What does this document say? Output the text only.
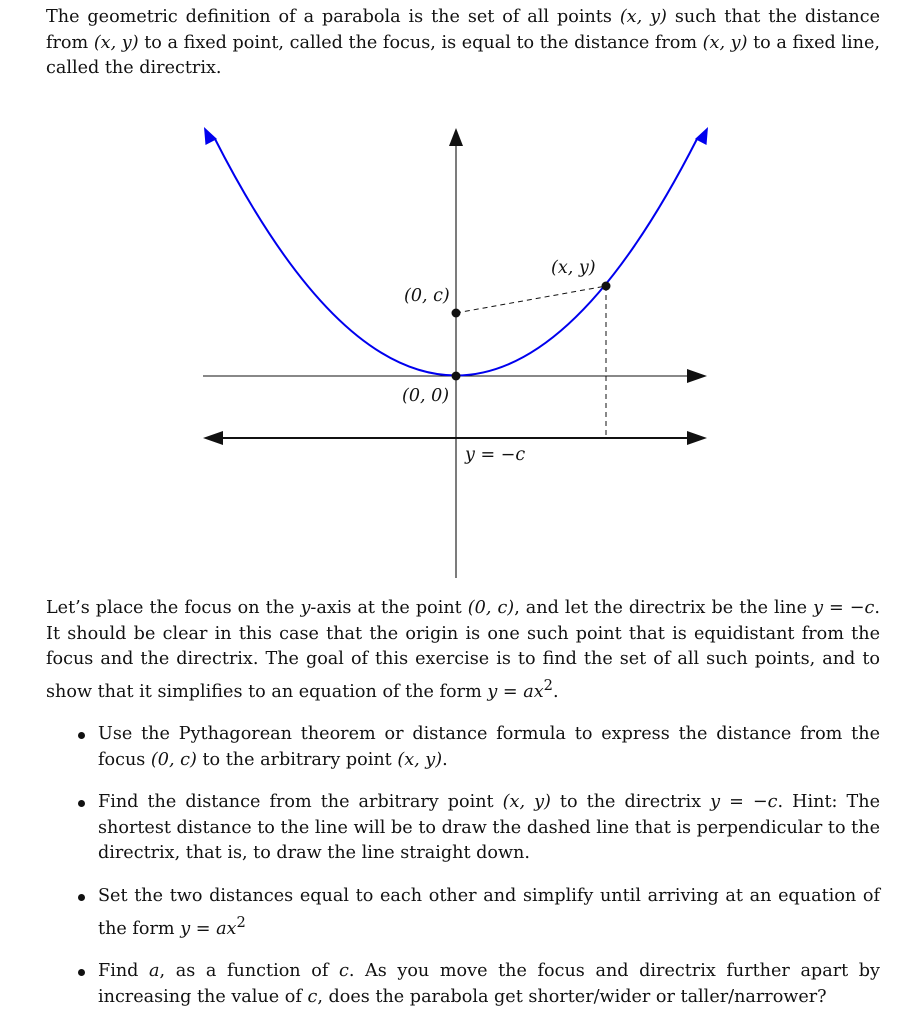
The geometric definition of a parabola is the set of all points (x, y) such that the distance from (x, y) to a fixed point, called the focus, is equal to the distance from (x, y) to a fixed line, called the directrix.

(x, y)
(0, c)
(0, 0)
y = −c

Let’s place the focus on the y-axis at the point (0, c), and let the directrix be the line y = −c. It should be clear in this case that the origin is one such point that is equidistant from the focus and the directrix. The goal of this exercise is to find the set of all such points, and to show that it simplifies to an equation of the form $y = ax^2$.

Use the Pythagorean theorem or distance formula to express the distance from the focus (0, c) to the arbitrary point (x, y).
Find the distance from the arbitrary point (x, y) to the directrix y = −c. Hint: The shortest distance to the line will be to draw the dashed line that is perpendicular to the directrix, that is, to draw the line straight down.
Set the two distances equal to each other and simplify until arriving at an equation of the form $y = ax^2$
Find a, as a function of c. As you move the focus and directrix further apart by increasing the value of c, does the parabola get shorter/wider or taller/narrower?
